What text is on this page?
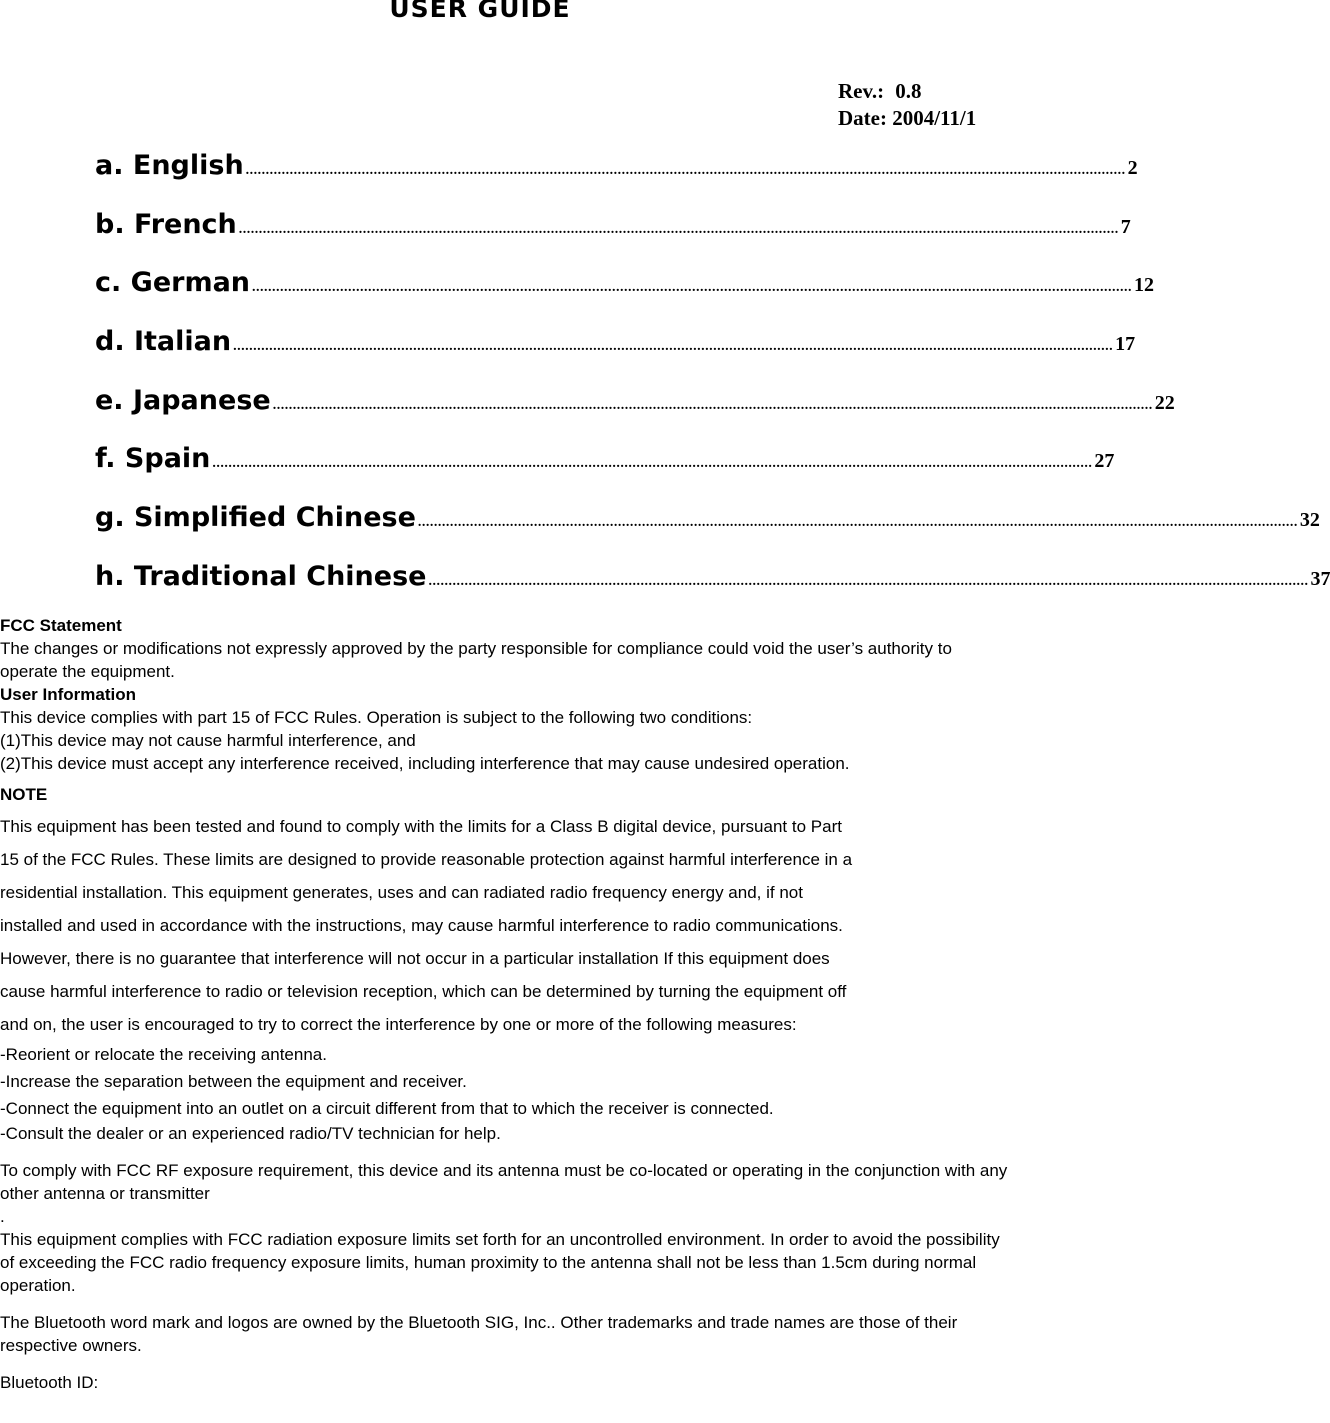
USER GUIDE
Rev.: 0.8
Date: 2004/11/1
a. English ............................................................................................................................................................................................................................ 2
b. French ............................................................................................................................................................................................................................ 7
c. German ............................................................................................................................................................................................................................ 12
d. Italian ............................................................................................................................................................................................................................ 17
e. Japanese ............................................................................................................................................................................................................................ 22
f. Spain ............................................................................................................................................................................................................................ 27
g. Simplified Chinese ............................................................................................................................................................................................................................ 32
h. Traditional Chinese ............................................................................................................................................................................................................................ 37

FCC Statement

The changes or modifications not expressly approved by the party responsible for compliance could void the user’s authority to operate the equipment.

User Information

This device complies with part 15 of FCC Rules. Operation is subject to the following two conditions:

(1)This device may not cause harmful interference, and

(2)This device must accept any interference received, including interference that may cause undesired operation.

NOTE

This equipment has been tested and found to comply with the limits for a Class B digital device, pursuant to Part

15 of the FCC Rules. These limits are designed to provide reasonable protection against harmful interference in a

residential installation. This equipment generates, uses and can radiated radio frequency energy and, if not

installed and used in accordance with the instructions, may cause harmful interference to radio communications.

However, there is no guarantee that interference will not occur in a particular installation If this equipment does

cause harmful interference to radio or television reception, which can be determined by turning the equipment off

and on, the user is encouraged to try to correct the interference by one or more of the following measures:

-Reorient or relocate the receiving antenna.

-Increase the separation between the equipment and receiver.

-Connect the equipment into an outlet on a circuit different from that to which the receiver is connected.

-Consult the dealer or an experienced radio/TV technician for help.

To comply with FCC RF exposure requirement, this device and its antenna must be co-located or operating in the conjunction with any other antenna or transmitter

.

This equipment complies with FCC radiation exposure limits set forth for an uncontrolled environment. In order to avoid the possibility of exceeding the FCC radio frequency exposure limits, human proximity to the antenna shall not be less than 1.5cm during normal operation.

The Bluetooth word mark and logos are owned by the Bluetooth SIG, Inc.. Other trademarks and trade names are those of their respective owners.

Bluetooth ID:
